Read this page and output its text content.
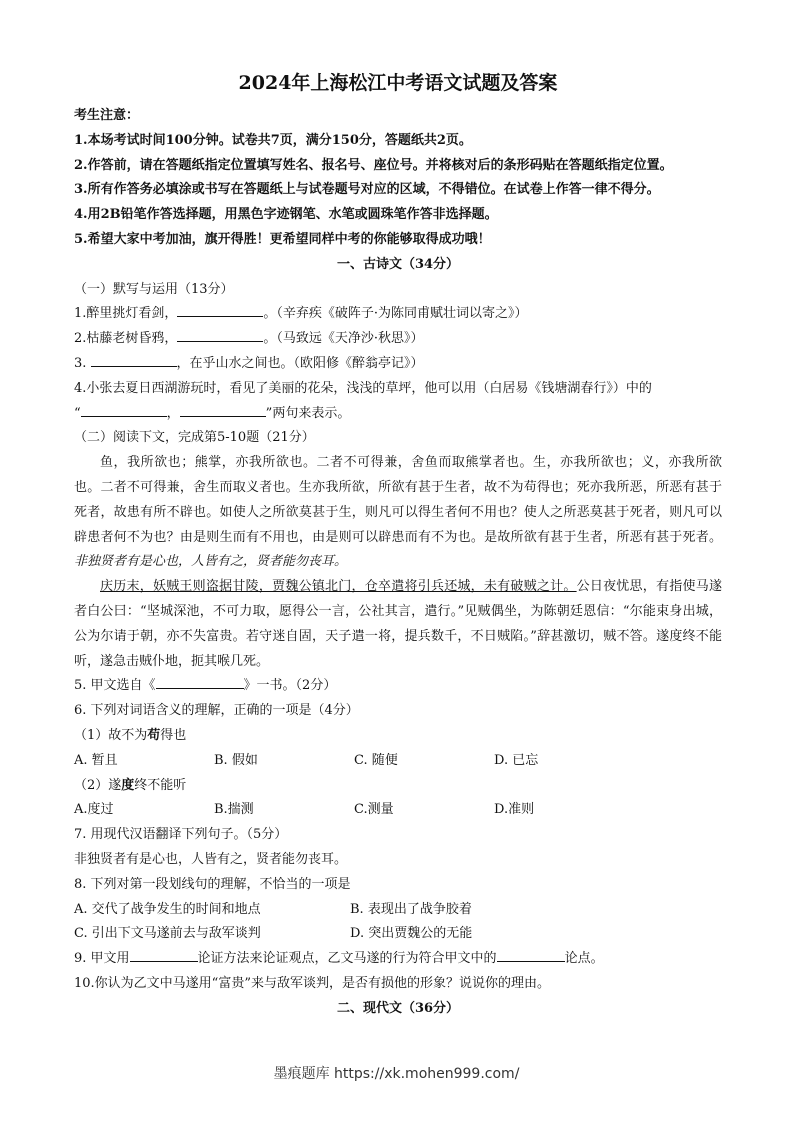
2024年上海松江中考语文试题及答案
考生注意：
1.本场考试时间100分钟。试卷共7页，满分150分，答题纸共2页。
2.作答前，请在答题纸指定位置填写姓名、报名号、座位号。并将核对后的条形码贴在答题纸指定位置。
3.所有作答务必填涂或书写在答题纸上与试卷题号对应的区域，不得错位。在试卷上作答一律不得分。
4.用2B铅笔作答选择题，用黑色字迹钢笔、水笔或圆珠笔作答非选择题。
5.希望大家中考加油，旗开得胜！更希望同样中考的你能够取得成功哦！
一、古诗文（34分）
（一）默写与运用（13分）
1.醉里挑灯看剑，	。（辛弃疾《破阵子·为陈同甫赋壮词以寄之》）
2.枯藤老树昏鸦，	。（马致远《天净沙·秋思》）
3.	，在乎山水之间也。（欧阳修《醉翁亭记》）
4.小张去夏日西湖游玩时，看见了美丽的花朵，浅浅的草坪，他可以用（白居易《钱塘湖春行》）中的
“	，	”两句来表示。
（二）阅读下文，完成第5-10题（21分）
鱼，我所欲也；熊掌，亦我所欲也。二者不可得兼，舍鱼而取熊掌者也。生，亦我所欲也；义，亦我所欲也。二者不可得兼，舍生而取义者也。生亦我所欲，所欲有甚于生者，故不为苟得也；死亦我所恶，所恶有甚于死者，故患有所不辟也。如使人之所欲莫甚于生，则凡可以得生者何不用也？使人之所恶莫甚于死者，则凡可以辟患者何不为也？由是则生而有不用也，由是则可以辟患而有不为也。是故所欲有甚于生者，所恶有甚于死者。非独贤者有是心也，人皆有之，贤者能勿丧耳。
庆历末，妖贼王则盗据甘陵，贾魏公镇北门，仓卒遣将引兵还城，未有破贼之计。公日夜忧思，有指使马遂者白公曰：“坚城深池，不可力取，愿得公一言，公社其言，遣行。”见贼偶坐，为陈朝廷恩信：“尔能束身出城，公为尔请于朝，亦不失富贵。若守迷自固，天子遣一将，提兵数千，不日贼陷。”辞甚激切，贼不答。遂度终不能听，遂急击贼仆地，扼其喉几死。
5. 甲文选自《	》一书。（2分）
6. 下列对词语含义的理解，正确的一项是（4分）
（1）故不为苟得也
A. 暂且	B. 假如	C. 随便	D. 已忘
（2）遂度终不能听
A.度过	B.揣测	C.测量	D.准则
7. 用现代汉语翻译下列句子。（5分）
非独贤者有是心也，人皆有之，贤者能勿丧耳。
8. 下列对第一段划线句的理解，不恰当的一项是
A. 交代了战争发生的时间和地点	B. 表现出了战争胶着
C. 引出下文马遂前去与敌军谈判	D. 突出贾魏公的无能
9. 甲文用	论证方法来论证观点，乙文马遂的行为符合甲文中的	论点。
10.你认为乙文中马遂用“富贵”来与敌军谈判，是否有损他的形象？说说你的理由。
二、现代文（36分）
墨痕题库 https://xk.mohen999.com/
